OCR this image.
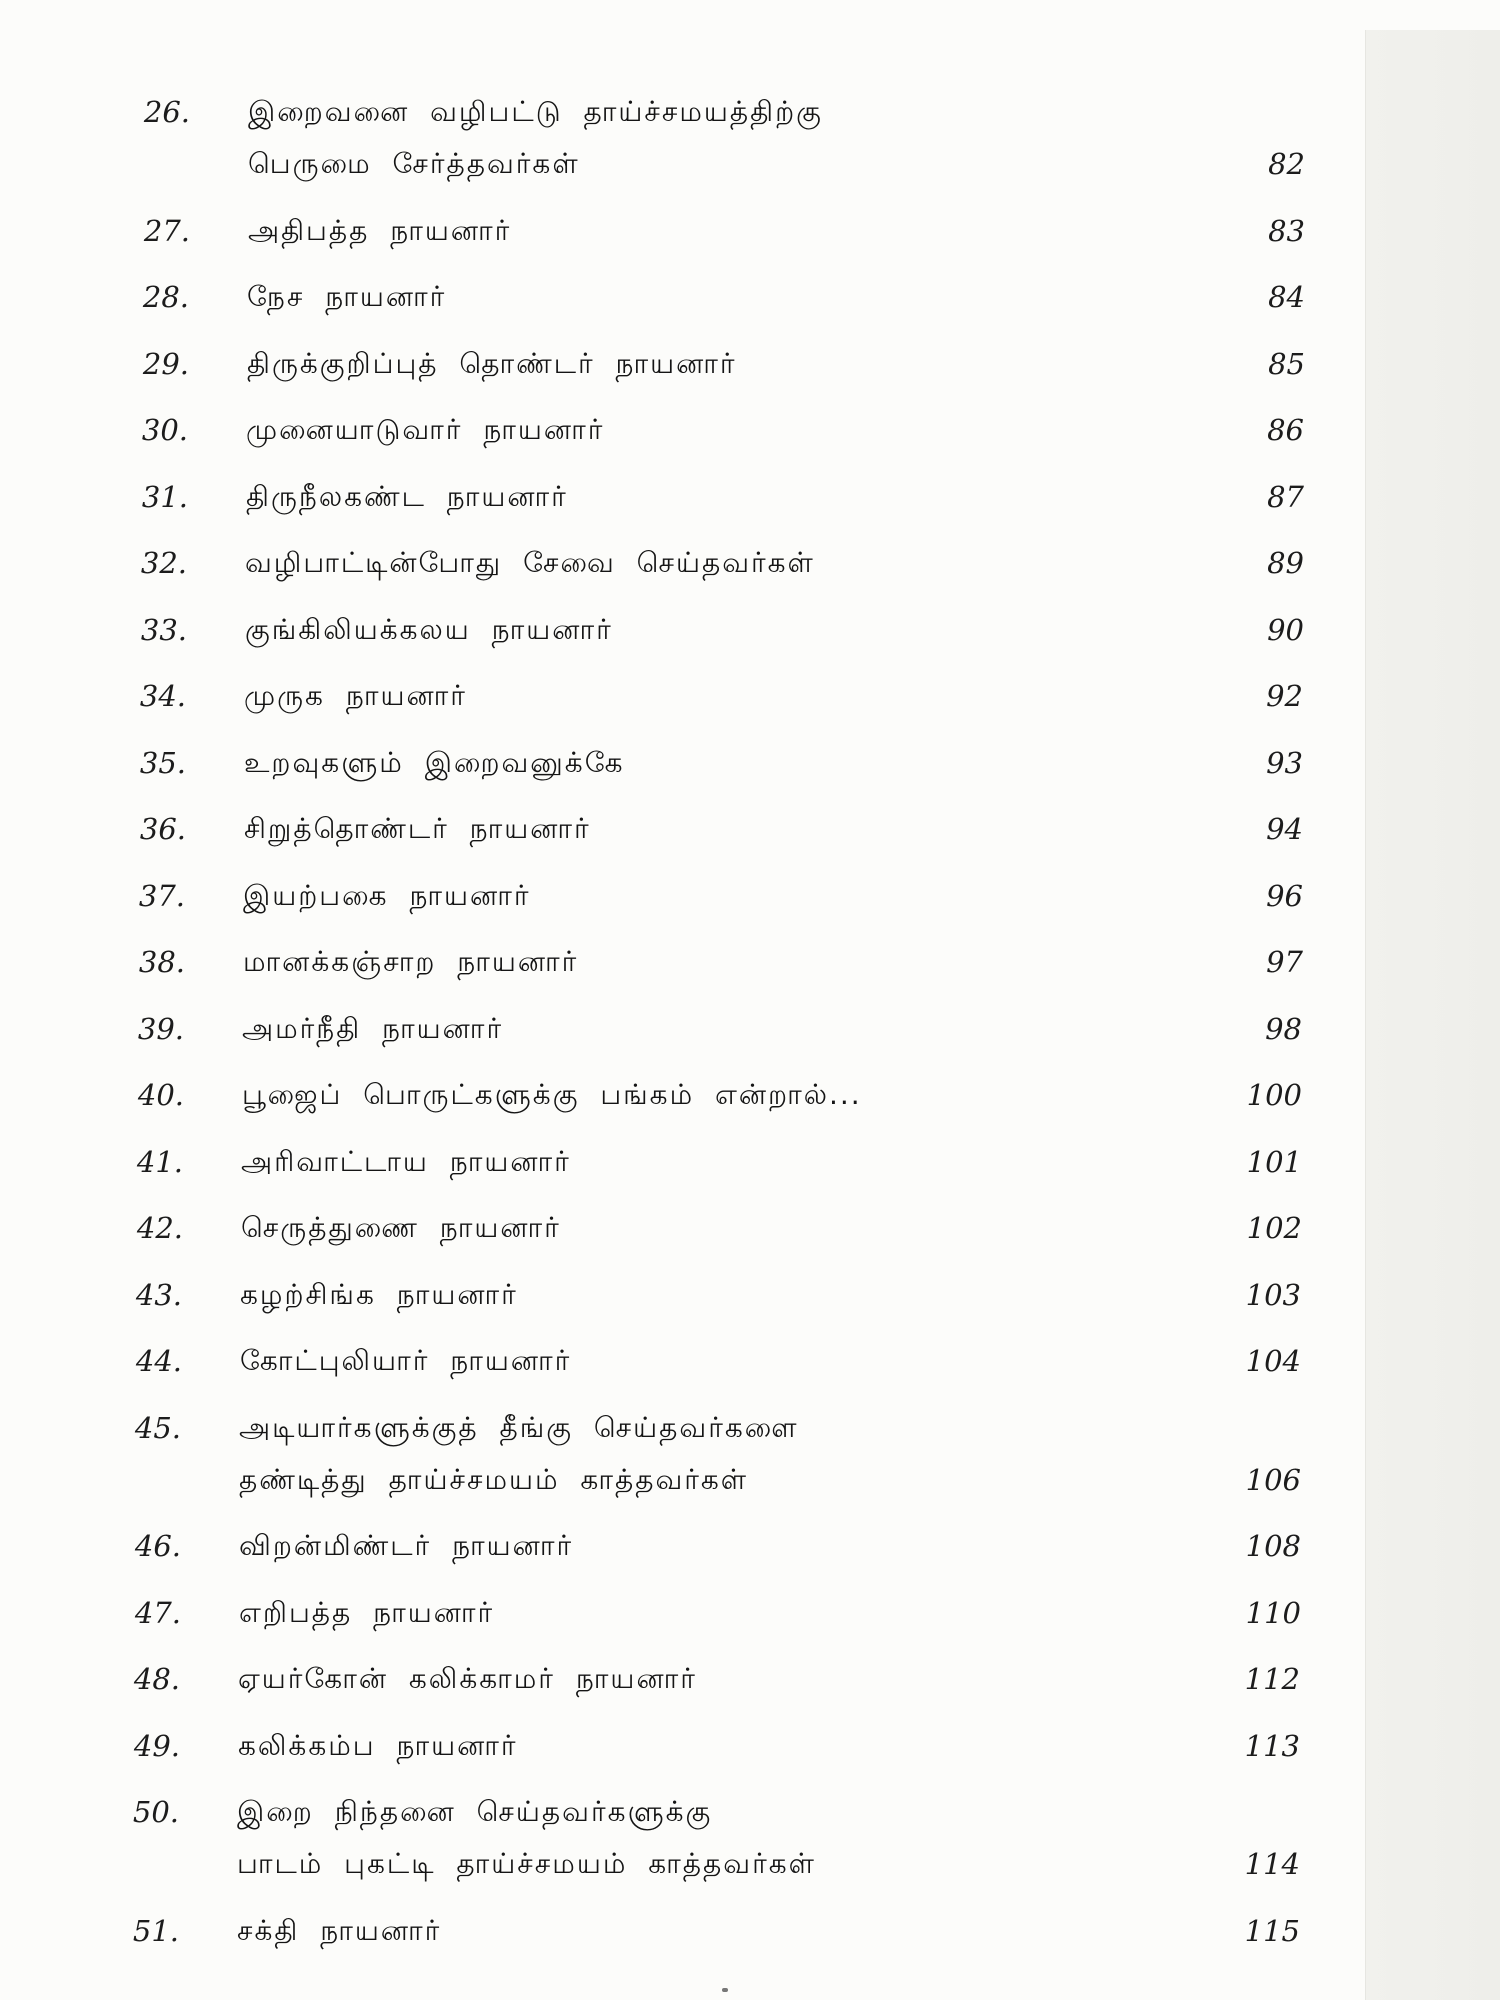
26. இறைவனை வழிபட்டு தாய்ச்சமயத்திற்கு
பெருமை சேர்த்தவர்கள்	82
27. அதிபத்த நாயனார்	83
28. நேச நாயனார்	84
29. திருக்குறிப்புத் தொண்டர் நாயனார்	85
30. முனையாடுவார் நாயனார்	86
31. திருநீலகண்ட நாயனார்	87
32. வழிபாட்டின்போது சேவை செய்தவர்கள்	89
33. குங்கிலியக்கலய நாயனார்	90
34. முருக நாயனார்	92
35. உறவுகளும் இறைவனுக்கே	93
36. சிறுத்தொண்டர் நாயனார்	94
37. இயற்பகை நாயனார்	96
38. மானக்கஞ்சாற நாயனார்	97
39. அமர்நீதி நாயனார்	98
40. பூஜைப் பொருட்களுக்கு பங்கம் என்றால்...	100
41. அரிவாட்டாய நாயனார்	101
42. செருத்துணை நாயனார்	102
43. கழற்சிங்க நாயனார்	103
44. கோட்புலியார் நாயனார்	104
45. அடியார்களுக்குத் தீங்கு செய்தவர்களை
தண்டித்து தாய்ச்சமயம் காத்தவர்கள்	106
46. விறன்மிண்டர் நாயனார்	108
47. எறிபத்த நாயனார்	110
48. ஏயர்கோன் கலிக்காமர் நாயனார்	112
49. கலிக்கம்ப நாயனார்	113
50. இறை நிந்தனை செய்தவர்களுக்கு
பாடம் புகட்டி தாய்ச்சமயம் காத்தவர்கள்	114
51. சக்தி நாயனார்	115
